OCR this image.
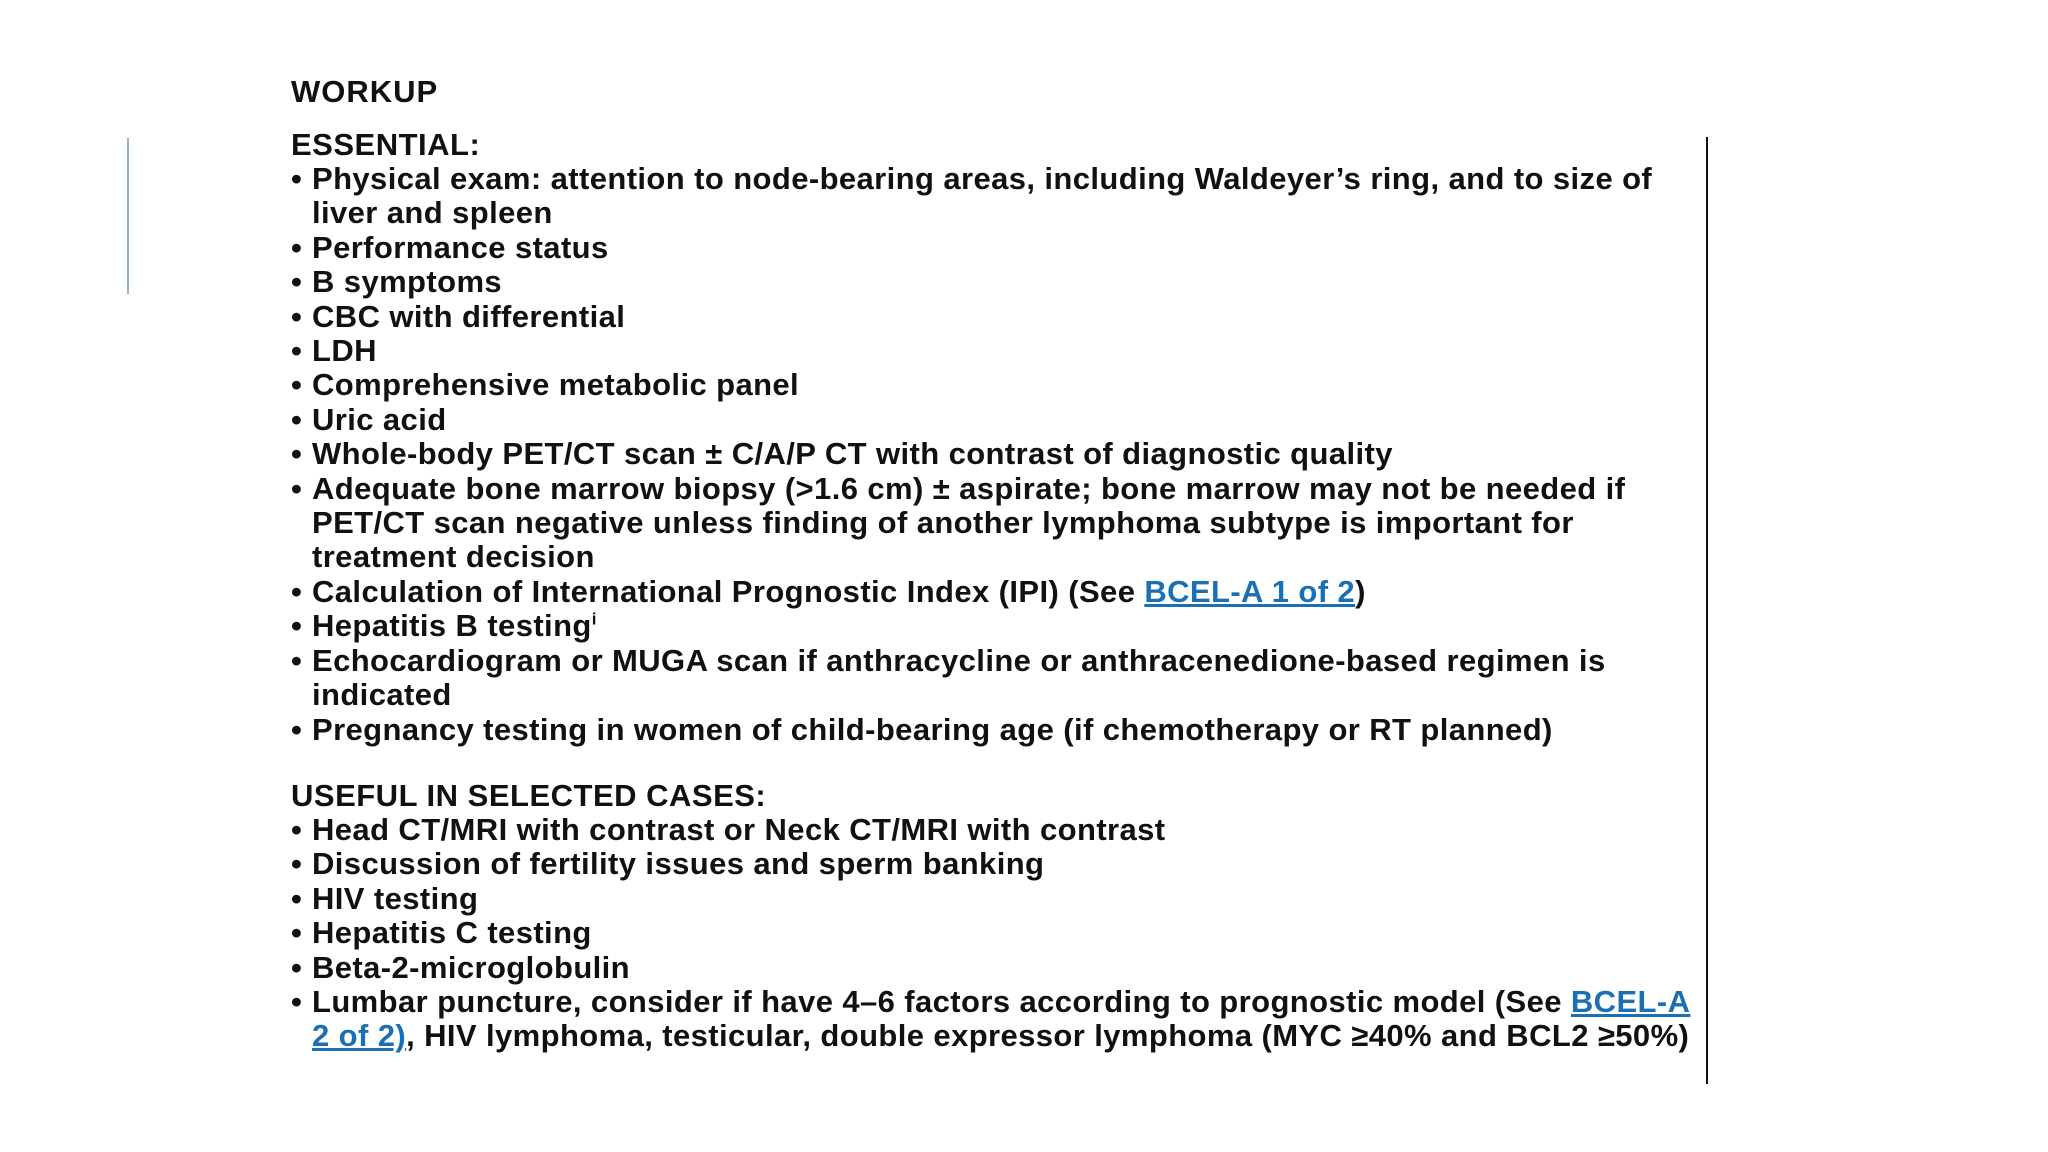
WORKUP
ESSENTIAL:
• Physical exam: attention to node-bearing areas, including Waldeyer’s ring, and to size of liver and spleen
• Performance status
• B symptoms
• CBC with differential
• LDH
• Comprehensive metabolic panel
• Uric acid
• Whole-body PET/CT scan ± C/A/P CT with contrast of diagnostic quality
• Adequate bone marrow biopsy (>1.6 cm) ± aspirate; bone marrow may not be needed if PET/CT scan negative unless finding of another lymphoma subtype is important for treatment decision
• Calculation of International Prognostic Index (IPI) (See BCEL-A 1 of 2)
• Hepatitis B testing$^i$
• Echocardiogram or MUGA scan if anthracycline or anthracenedione-based regimen is indicated
• Pregnancy testing in women of child-bearing age (if chemotherapy or RT planned)
USEFUL IN SELECTED CASES:
• Head CT/MRI with contrast or Neck CT/MRI with contrast
• Discussion of fertility issues and sperm banking
• HIV testing
• Hepatitis C testing
• Beta-2-microglobulin
• Lumbar puncture, consider if have 4–6 factors according to prognostic model (See BCEL-A 2 of 2), HIV lymphoma, testicular, double expressor lymphoma (MYC ≥40% and BCL2 ≥50%)
